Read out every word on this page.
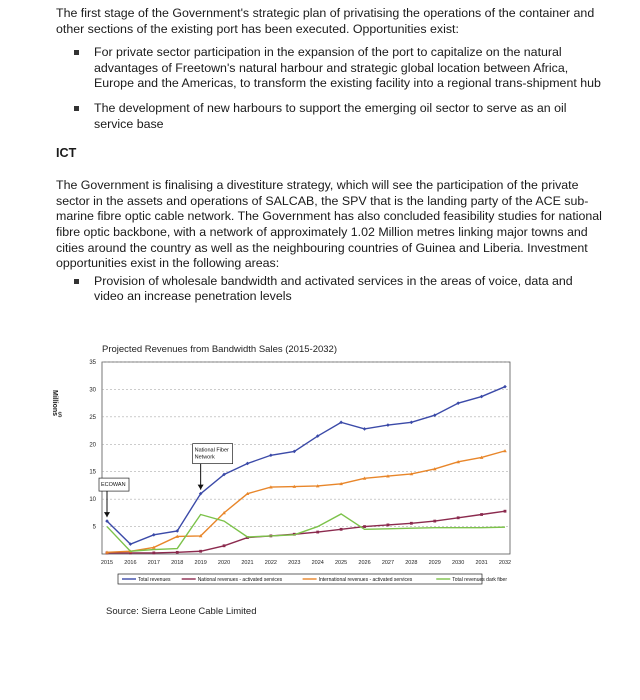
The first stage of the Government's strategic plan of privatising the operations of the container and other sections of the existing port has been executed. Opportunities exist:

For private sector participation in the expansion of the port to capitalize on the natural advantages of Freetown's natural harbour and strategic global location between Africa, Europe and the Americas, to transform the existing facility into a regional trans-shipment hub
The development of new harbours to support the emerging oil sector to serve as an oil service base
ICT

The Government is finalising a divestiture strategy, which will see the participation of the private sector in the assets and operations of SALCAB, the SPV that is the landing party of the ACE sub-marine fibre optic cable network. The Government has also concluded feasibility studies for national fibre optic backbone, with a network of approximately 1.02 Million metres linking major towns and cities around the country as well as the neighbouring countries of Guinea and Liberia. Investment opportunities exist in the following areas:

Provision of wholesale bandwidth and activated services in the areas of voice, data and video an increase penetration levels
Projected Revenues from Bandwidth Sales (2015-2032)
Millions $
5
10
15
20
25
30
35
2015 2016 2017 2018 2019 2020 2021 2022 2023 2024 2025 2026 2027 2028 2029 2030 2031 2032
ECOWAN
National Fiber
Network
Total revenues	National revenues - activated services	International revenues - activated services	Total revenues dark fiber
Source: Sierra Leone Cable Limited
